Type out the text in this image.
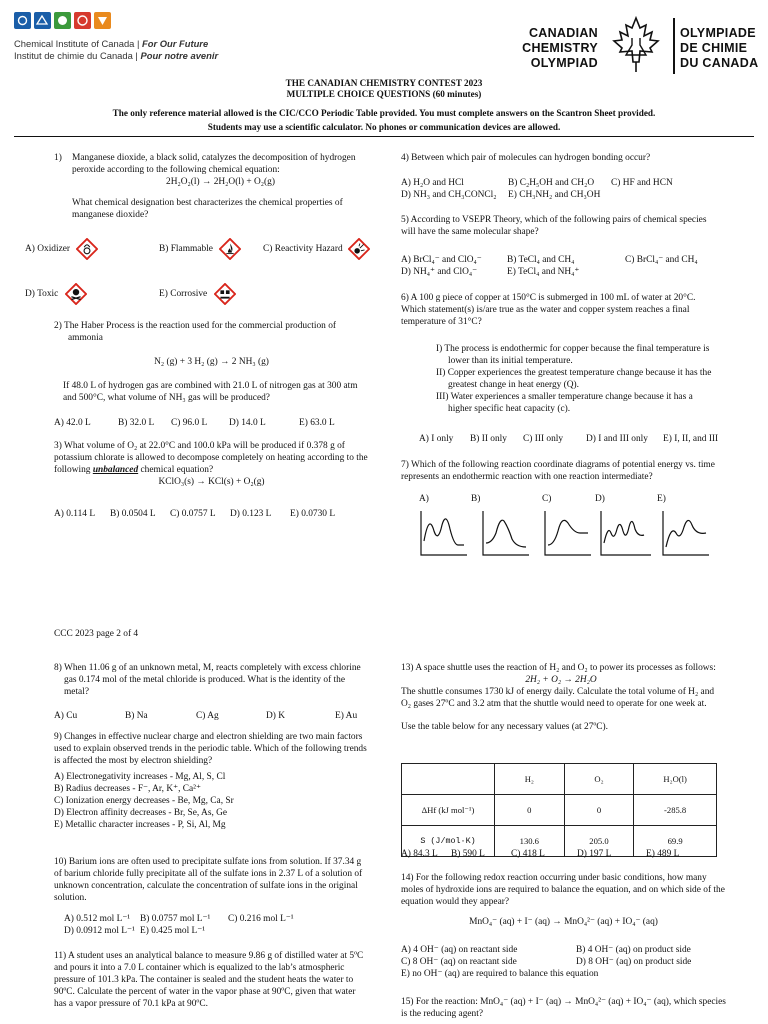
Chemical Institute of Canada | For Our Future
Institut de chimie du Canada | Pour notre avenir
CANADIAN
CHEMISTRY
OLYMPIAD
OLYMPIADE
DE CHIMIE
DU CANADA
THE CANADIAN CHEMISTRY CONTEST 2023
MULTIPLE CHOICE QUESTIONS (60 minutes)
The only reference material allowed is the CIC/CCO Periodic Table provided. You must complete answers on the Scantron Sheet provided.
Students may use a scientific calculator. No phones or communication devices are allowed.
1) Manganese dioxide, a black solid, catalyzes the decomposition of hydrogen peroxide according to the following chemical equation:
2H₂O₂(l) → 2H₂O(l) + O₂(g)
What chemical designation best characterizes the chemical properties of manganese dioxide?
A) Oxidizer	B) Flammable	C) Reactivity Hazard
D) Toxic	E) Corrosive
2) The Haber Process is the reaction used for the commercial production of ammonia
N₂ (g) + 3 H₂ (g) → 2 NH₃ (g)
If 48.0 L of hydrogen gas are combined with 21.0 L of nitrogen gas at 300 atm and 500°C, what volume of NH₃ gas will be produced?
A) 42.0 L	B) 32.0 L C) 96.0 L D) 14.0 L	E) 63.0 L
3) What volume of O₂ at 22.0°C and 100.0 kPa will be produced if 0.378 g of potassium chlorate is allowed to decompose completely on heating according to the following unbalanced chemical equation?
KClO₃(s) → KCl(s) + O₂(g)
A) 0.114 L B) 0.0504 L C) 0.0757 L D) 0.123 L E) 0.0730 L
4) Between which pair of molecules can hydrogen bonding occur?
A) H₂O and HCl	B) C₂H₅OH and CH₂O C) HF and HCN
D) NH₃ and CH₃CONCl₂ E) CH₃NH₂ and CH₃OH
5) According to VSEPR Theory, which of the following pairs of chemical species will have the same molecular shape?
A) BrCl₄⁻ and ClO₄⁻	B) TeCl₄ and CH₄	C) BrCl₄⁻ and CH₄
D) NH₄⁺ and ClO₄⁻	E) TeCl₄ and NH₄⁺
6) A 100 g piece of copper at 150°C is submerged in 100 mL of water at 20°C. Which statement(s) is/are true as the water and copper system reaches a final temperature of 31°C?
I) The process is endothermic for copper because the final temperature is lower than its initial temperature.
II) Copper experiences the greatest temperature change because it has the greatest change in heat energy (Q).
III) Water experiences a smaller temperature change because it has a higher specific heat capacity (c).
A) I only B) II only C) III only D) I and III only E) I, II, and III
7) Which of the following reaction coordinate diagrams of potential energy vs. time represents an endothermic reaction with one reaction intermediate?
A)	B)	C)	D)	E)
CCC 2023 page 2 of 4
8) When 11.06 g of an unknown metal, M, reacts completely with excess chlorine gas 0.174 mol of the metal chloride is produced. What is the identity of the metal?
A) Cu	B) Na	C) Ag	D) K	E) Au
9) Changes in effective nuclear charge and electron shielding are two main factors used to explain observed trends in the periodic table. Which of the following trends is affected the most by electron shielding?
A) Electronegativity increases - Mg, Al, S, Cl
B) Radius decreases - F⁻, Ar, K⁺, Ca²⁺
C) Ionization energy decreases - Be, Mg, Ca, Sr
D) Electron affinity decreases - Br, Se, As, Ge
E) Metallic character increases - P, Si, Al, Mg
10) Barium ions are often used to precipitate sulfate ions from solution. If 37.34 g of barium chloride fully precipitate all of the sulfate ions in 2.37 L of a solution of unknown concentration, calculate the concentration of sulfate ions in the original solution.
A) 0.512 mol L⁻¹ B) 0.0757 mol L⁻¹ C) 0.216 mol L⁻¹
D) 0.0912 mol L⁻¹ E) 0.425 mol L⁻¹
11) A student uses an analytical balance to measure 9.86 g of distilled water at 5ºC and pours it into a 7.0 L container which is equalized to the lab’s atmospheric pressure of 101.3 kPa. The container is sealed and the student heats the water to 90ºC. Calculate the percent of water in the vapor phase at 90ºC, given that water has a vapor pressure of 70.1 kPa at 90ºC.
13) A space shuttle uses the reaction of H₂ and O₂ to power its processes as follows:
2H₂ + O₂ → 2H₂O
The shuttle consumes 1730 kJ of energy daily. Calculate the total volume of H₂ and O₂ gases 27ºC and 3.2 atm that the shuttle would need to operate for one week at.
Use the table below for any necessary values (at 27ºC).
	H₂	O₂	H₂O(l)
ΔHf (kJ mol⁻¹)	0	0	-285.8
S (J/mol·K)	130.6	205.0	69.9
A) 84.3 L B) 590 L	C) 418 L	D) 197 L	E) 489 L
14) For the following redox reaction occurring under basic conditions, how many moles of hydroxide ions are required to balance the equation, and on which side of the equation would they appear?
MnO₄⁻ (aq) + I⁻ (aq) → MnO₄²⁻ (aq) + IO₄⁻ (aq)
A) 4 OH⁻ (aq) on reactant side	B) 4 OH⁻ (aq) on product side
C) 8 OH⁻ (aq) on reactant side	D) 8 OH⁻ (aq) on product side
E) no OH⁻ (aq) are required to balance this equation
15) For the reaction: MnO₄⁻ (aq) + I⁻ (aq) → MnO₄²⁻ (aq) + IO₄⁻ (aq), which species is the reducing agent?
